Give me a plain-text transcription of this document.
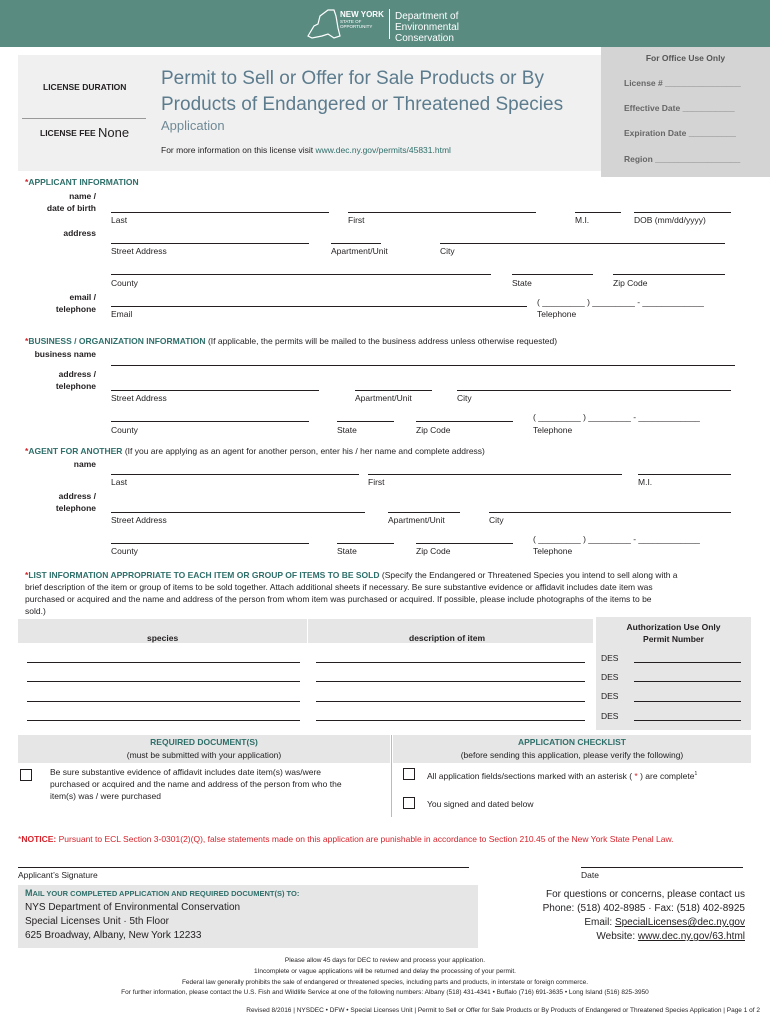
NEW YORK
STATE OF
OPPORTUNITY
Department of
Environmental
Conservation
LICENSE DURATION
LICENSE FEE None
Permit to Sell or Offer for Sale Products or By
Products of Endangered or Threatened Species
Application
For more information on this license visit www.dec.ny.gov/permits/45831.html
For Office Use Only
License # ________________
Effective Date ___________
Expiration Date __________
Region __________________
*APPLICANT INFORMATION
name /
date of birth
Last	First	M.I.	DOB (mm/dd/yyyy)
address
Street Address	Apartment/Unit	City
County	State	Zip Code
email /
telephone
( _________ ) _________ - _____________
Email	Telephone
*BUSINESS / ORGANIZATION INFORMATION (If applicable, the permits will be mailed to the business address unless otherwise requested)
business name
address /
telephone
Street Address	Apartment/Unit	City
( _________ ) _________ - _____________
County	State	Zip Code	Telephone
*AGENT FOR ANOTHER (If you are applying as an agent for another person, enter his / her name and complete address)
name
Last	First	M.I.
address /
telephone
Street Address	Apartment/Unit	City
( _________ ) _________ - _____________
County	State	Zip Code	Telephone
*LIST INFORMATION APPROPRIATE TO EACH ITEM OR GROUP OF ITEMS TO BE SOLD (Specify the Endangered or Threatened Species you intend to sell along with a
brief description of the item or group of items to be sold together. Attach additional sheets if necessary. Be sure substantive evidence or affidavit includes date item was
purchased or acquired and the name and address of the person from whom item was purchased or acquired. If possible, please include photographs of the items to be
sold.)
species	description of item
Authorization Use Only
Permit Number
DES
DES
DES
DES
REQUIRED DOCUMENT(S)
(must be submitted with your application)
APPLICATION CHECKLIST
(before sending this application, please verify the following)
Be sure substantive evidence of affidavit includes date item(s) was/were
purchased or acquired and the name and address of the person from who the
item(s) was / were purchased
All application fields/sections marked with an asterisk ( * ) are complete$^1$
You signed and dated below
*NOTICE: Pursuant to ECL Section 3-0301(2)(Q), false statements made on this application are punishable in accordance to Section 210.45 of the New York State Penal Law.
Applicant’s Signature	Date
MAIL YOUR COMPLETED APPLICATION AND REQUIRED DOCUMENT(S) TO:
NYS Department of Environmental Conservation
Special Licenses Unit · 5th Floor
625 Broadway, Albany, New York 12233
For questions or concerns, please contact us
Phone: (518) 402-8985 · Fax: (518) 402-8925
Email: SpecialLicenses@dec.ny.gov
Website: www.dec.ny.gov/63.html
Please allow 45 days for DEC to review and process your application.
1Incomplete or vague applications will be returned and delay the processing of your permit.
Federal law generally prohibits the sale of endangered or threatened species, including parts and products, in interstate or foreign commerce.
For further information, please contact the U.S. Fish and Wildlife Service at one of the following numbers: Albany (518) 431-4341 • Buffalo (716) 691-3635 • Long Island (516) 825-3950
Revised 8/2016 | NYSDEC • DFW • Special Licenses Unit | Permit to Sell or Offer for Sale Products or By Products of Endangered or Threatened Species Application | Page 1 of 2
